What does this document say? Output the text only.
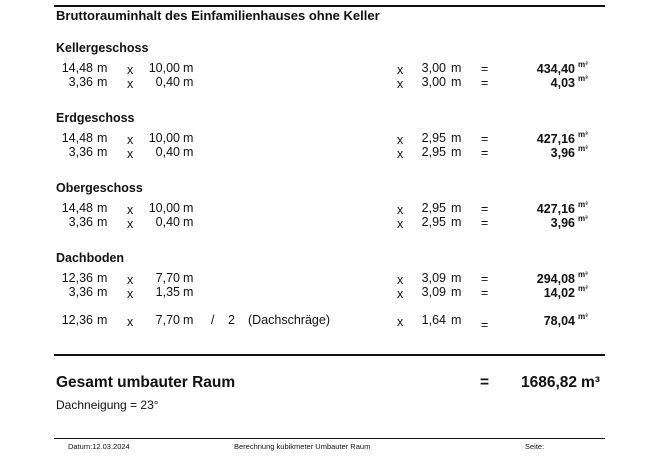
Bruttorauminhalt des Einfamilienhauses ohne Keller
Kellergeschoss
14,48 m x	10,00 m	x	3,00 m =	434,40 m³
3,36 m x	0,40 m	x	3,00 m =	4,03 m³
Erdgeschoss
14,48 m x	10,00 m	x	2,95 m =	427,16 m³
3,36 m x	0,40 m	x	2,95 m =	3,96 m³
Obergeschoss
14,48 m x	10,00 m	x	2,95 m =	427,16 m³
3,36 m x	0,40 m	x	2,95 m =	3,96 m³
Dachboden
12,36 m x	7,70 m	x	3,09 m =	294,08 m³
3,36 m x	1,35 m	x	3,09 m =	14,02 m³
12,36 m x	7,70 m / 2 (Dachschräge)	x	1,64 m =	78,04 m³
Gesamt umbauter Raum	=	1686,82 m³
Dachneigung = 23°
Datum:12.03.2024	Berechnung kubikmeter Umbauter Raum	Seite:
